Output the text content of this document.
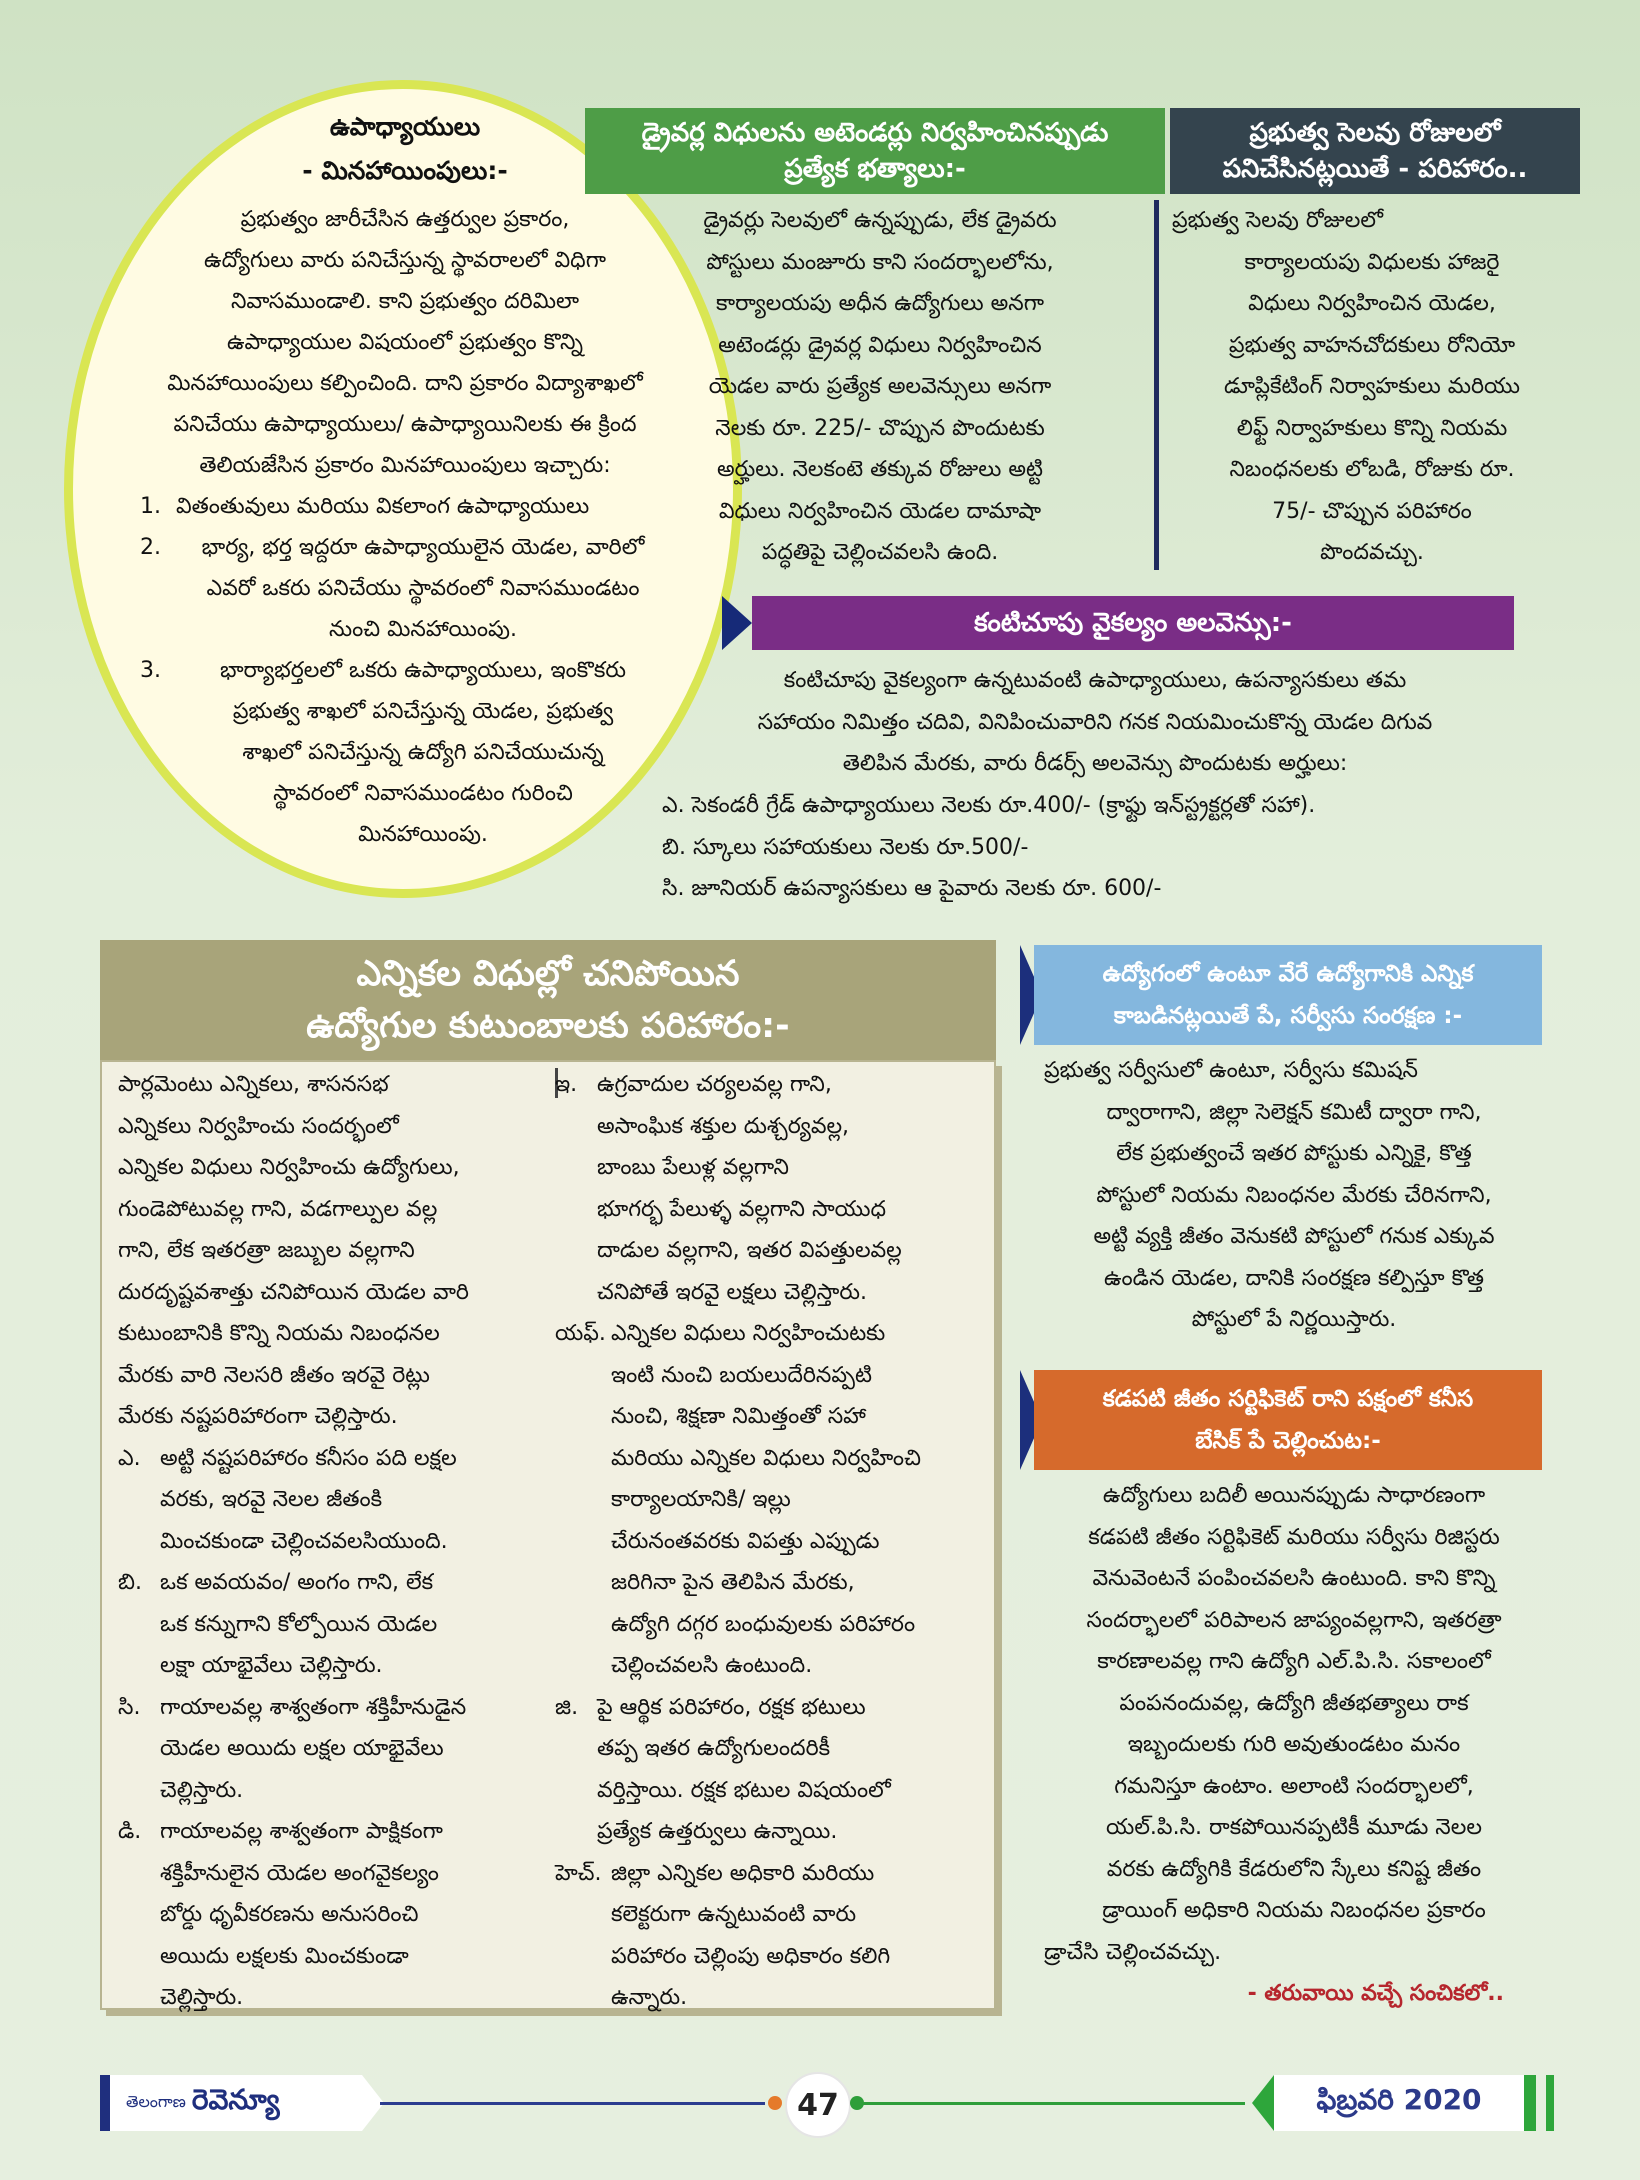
ఉపాధ్యాయులు
- మినహాయింపులు:-

ప్రభుత్వం జారీచేసిన ఉత్తర్వుల ప్రకారం,

ఉద్యోగులు వారు పనిచేస్తున్న స్థావరాలలో విధిగా

నివాసముండాలి. కాని ప్రభుత్వం దరిమిలా

ఉపాధ్యాయుల విషయంలో ప్రభుత్వం కొన్ని

మినహాయింపులు కల్పించింది. దాని ప్రకారం విద్యాశాఖలో

పనిచేయు ఉపాధ్యాయులు/ ఉపాధ్యాయినిలకు ఈ క్రింద

తెలియజేసిన ప్రకారం మినహాయింపులు ఇచ్చారు:

1. వితంతువులు మరియు వికలాంగ ఉపాధ్యాయులు

2.	భార్య, భర్త ఇద్దరూ ఉపాధ్యాయులైన యెడల, వారిలో

ఎవరో ఒకరు పనిచేయు స్థావరంలో నివాసముండటం

నుంచి మినహాయింపు.

3.	భార్యాభర్తలలో ఒకరు ఉపాధ్యాయులు, ఇంకొకరు

ప్రభుత్వ శాఖలో పనిచేస్తున్న యెడల, ప్రభుత్వ

శాఖలో పనిచేస్తున్న ఉద్యోగి పనిచేయుచున్న

స్థావరంలో నివాసముండటం గురించి

మినహాయింపు.

డ్రైవర్ల విధులను అటెండర్లు నిర్వహించినప్పుడు
ప్రత్యేక భత్యాలు:-

డ్రైవర్లు సెలవులో ఉన్నప్పుడు, లేక డ్రైవరు

పోస్టులు మంజూరు కాని సందర్భాలలోను,

కార్యాలయపు అధీన ఉద్యోగులు అనగా

అటెండర్లు డ్రైవర్ల విధులు నిర్వహించిన

యెడల వారు ప్రత్యేక అలవెన్సులు అనగా

నెలకు రూ. 225/- చొప్పున పొందుటకు

అర్హులు. నెలకంటె తక్కువ రోజులు అట్టి

విధులు నిర్వహించిన యెడల దామాషా

పద్ధతిపై చెల్లించవలసి ఉంది.

ప్రభుత్వ సెలవు రోజులలో
పనిచేసినట్లయితే - పరిహారం..

ప్రభుత్వ సెలవు రోజులలో

కార్యాలయపు విధులకు హాజరై

విధులు నిర్వహించిన యెడల,

ప్రభుత్వ వాహనచోదకులు రోనియో

డూప్లికేటింగ్ నిర్వాహకులు మరియు

లిఫ్ట్ నిర్వాహకులు కొన్ని నియమ

నిబంధనలకు లోబడి, రోజుకు రూ.

75/- చొప్పున పరిహారం

పొందవచ్చు.

కంటిచూపు వైకల్యం అలవెన్సు:-

కంటిచూపు వైకల్యంగా ఉన్నటువంటి ఉపాధ్యాయులు, ఉపన్యాసకులు తమ

సహాయం నిమిత్తం చదివి, వినిపించువారిని గనక నియమించుకొన్న యెడల దిగువ

తెలిపిన మేరకు, వారు రీడర్స్ అలవెన్సు పొందుటకు అర్హులు:

ఎ. సెకండరీ గ్రేడ్ ఉపాధ్యాయులు నెలకు రూ.400/- (క్రాఫ్టు ఇన్‌స్ట్రక్టర్లతో సహా).

బి. స్కూలు సహాయకులు నెలకు రూ.500/-

సి. జూనియర్ ఉపన్యాసకులు ఆ పైవారు నెలకు రూ. 600/-

ఎన్నికల విధుల్లో చనిపోయిన
ఉద్యోగుల కుటుంబాలకు పరిహారం:-

పార్లమెంటు ఎన్నికలు, శాసనసభ

ఎన్నికలు నిర్వహించు సందర్భంలో

ఎన్నికల విధులు నిర్వహించు ఉద్యోగులు,

గుండెపోటువల్ల గాని, వడగాల్పుల వల్ల

గాని, లేక ఇతరత్రా జబ్బుల వల్లగాని

దురదృష్టవశాత్తు చనిపోయిన యెడల వారి

కుటుంబానికి కొన్ని నియమ నిబంధనల

మేరకు వారి నెలసరి జీతం ఇరవై రెట్లు

మేరకు నష్టపరిహారంగా చెల్లిస్తారు.

ఎ. అట్టి నష్టపరిహారం కనీసం పది లక్షల

వరకు, ఇరవై నెలల జీతంకి

మించకుండా చెల్లించవలసియుంది.

బి. ఒక అవయవం/ అంగం గాని, లేక

ఒక కన్నుగాని కోల్పోయిన యెడల

లక్షా యాభైవేలు చెల్లిస్తారు.

సి. గాయాలవల్ల శాశ్వతంగా శక్తిహీనుడైన

యెడల అయిదు లక్షల యాభైవేలు

చెల్లిస్తారు.

డి. గాయాలవల్ల శాశ్వతంగా పాక్షికంగా

శక్తిహీనులైన యెడల అంగవైకల్యం

బోర్డు ధృవీకరణను అనుసరించి

అయిదు లక్షలకు మించకుండా

చెల్లిస్తారు.

ఇ. ఉగ్రవాదుల చర్యలవల్ల గాని,

అసాంఘిక శక్తుల దుశ్చర్యవల్ల,

బాంబు పేలుళ్ల వల్లగాని

భూగర్భ పేలుళ్ళ వల్లగాని సాయుధ

దాడుల వల్లగాని, ఇతర విపత్తులవల్ల

చనిపోతే ఇరవై లక్షలు చెల్లిస్తారు.

యఫ్. ఎన్నికల విధులు నిర్వహించుటకు

ఇంటి నుంచి బయలుదేరినప్పటి

నుంచి, శిక్షణా నిమిత్తంతో సహా

మరియు ఎన్నికల విధులు నిర్వహించి

కార్యాలయానికి/ ఇల్లు

చేరునంతవరకు విపత్తు ఎప్పుడు

జరిగినా పైన తెలిపిన మేరకు,

ఉద్యోగి దగ్గర బంధువులకు పరిహారం

చెల్లించవలసి ఉంటుంది.

జి. పై ఆర్థిక పరిహారం, రక్షక భటులు

తప్ప ఇతర ఉద్యోగులందరికీ

వర్తిస్తాయి. రక్షక భటుల విషయంలో

ప్రత్యేక ఉత్తర్వులు ఉన్నాయి.

హెచ్. జిల్లా ఎన్నికల అధికారి మరియు

కలెక్టరుగా ఉన్నటువంటి వారు

పరిహారం చెల్లింపు అధికారం కలిగి

ఉన్నారు.

ఉద్యోగంలో ఉంటూ వేరే ఉద్యోగానికి ఎన్నిక
కాబడినట్లయితే పే, సర్వీసు సంరక్షణ :-

ప్రభుత్వ సర్వీసులో ఉంటూ, సర్వీసు కమిషన్

ద్వారాగాని, జిల్లా సెలెక్షన్ కమిటీ ద్వారా గాని,

లేక ప్రభుత్వంచే ఇతర పోస్టుకు ఎన్నికై, కొత్త

పోస్టులో నియమ నిబంధనల మేరకు చేరినగాని,

అట్టి వ్యక్తి జీతం వెనుకటి పోస్టులో గనుక ఎక్కువ

ఉండిన యెడల, దానికి సంరక్షణ కల్పిస్తూ కొత్త

పోస్టులో పే నిర్ణయిస్తారు.

కడపటి జీతం సర్టిఫికెట్ రాని పక్షంలో కనీస
బేసిక్ పే చెల్లించుట:-

ఉద్యోగులు బదిలీ అయినప్పుడు సాధారణంగా

కడపటి జీతం సర్టిఫికెట్ మరియు సర్వీసు రిజిస్టరు

వెనువెంటనే పంపించవలసి ఉంటుంది. కాని కొన్ని

సందర్భాలలో పరిపాలన జాప్యంవల్లగాని, ఇతరత్రా

కారణాలవల్ల గాని ఉద్యోగి ఎల్.పి.సి. సకాలంలో

పంపనందువల్ల, ఉద్యోగి జీతభత్యాలు రాక

ఇబ్బందులకు గురి అవుతుండటం మనం

గమనిస్తూ ఉంటాం. అలాంటి సందర్భాలలో,

యల్.పి.సి. రాకపోయినప్పటికీ మూడు నెలల

వరకు ఉద్యోగికి కేడరులోని స్కేలు కనిష్ట జీతం

డ్రాయింగ్ అధికారి నియమ నిబంధనల ప్రకారం

డ్రాచేసి చెల్లించవచ్చు.

- తరువాయి వచ్చే సంచికలో..

తెలంగాణ రెవెన్యూ	47	ఫిబ్రవరి 2020
